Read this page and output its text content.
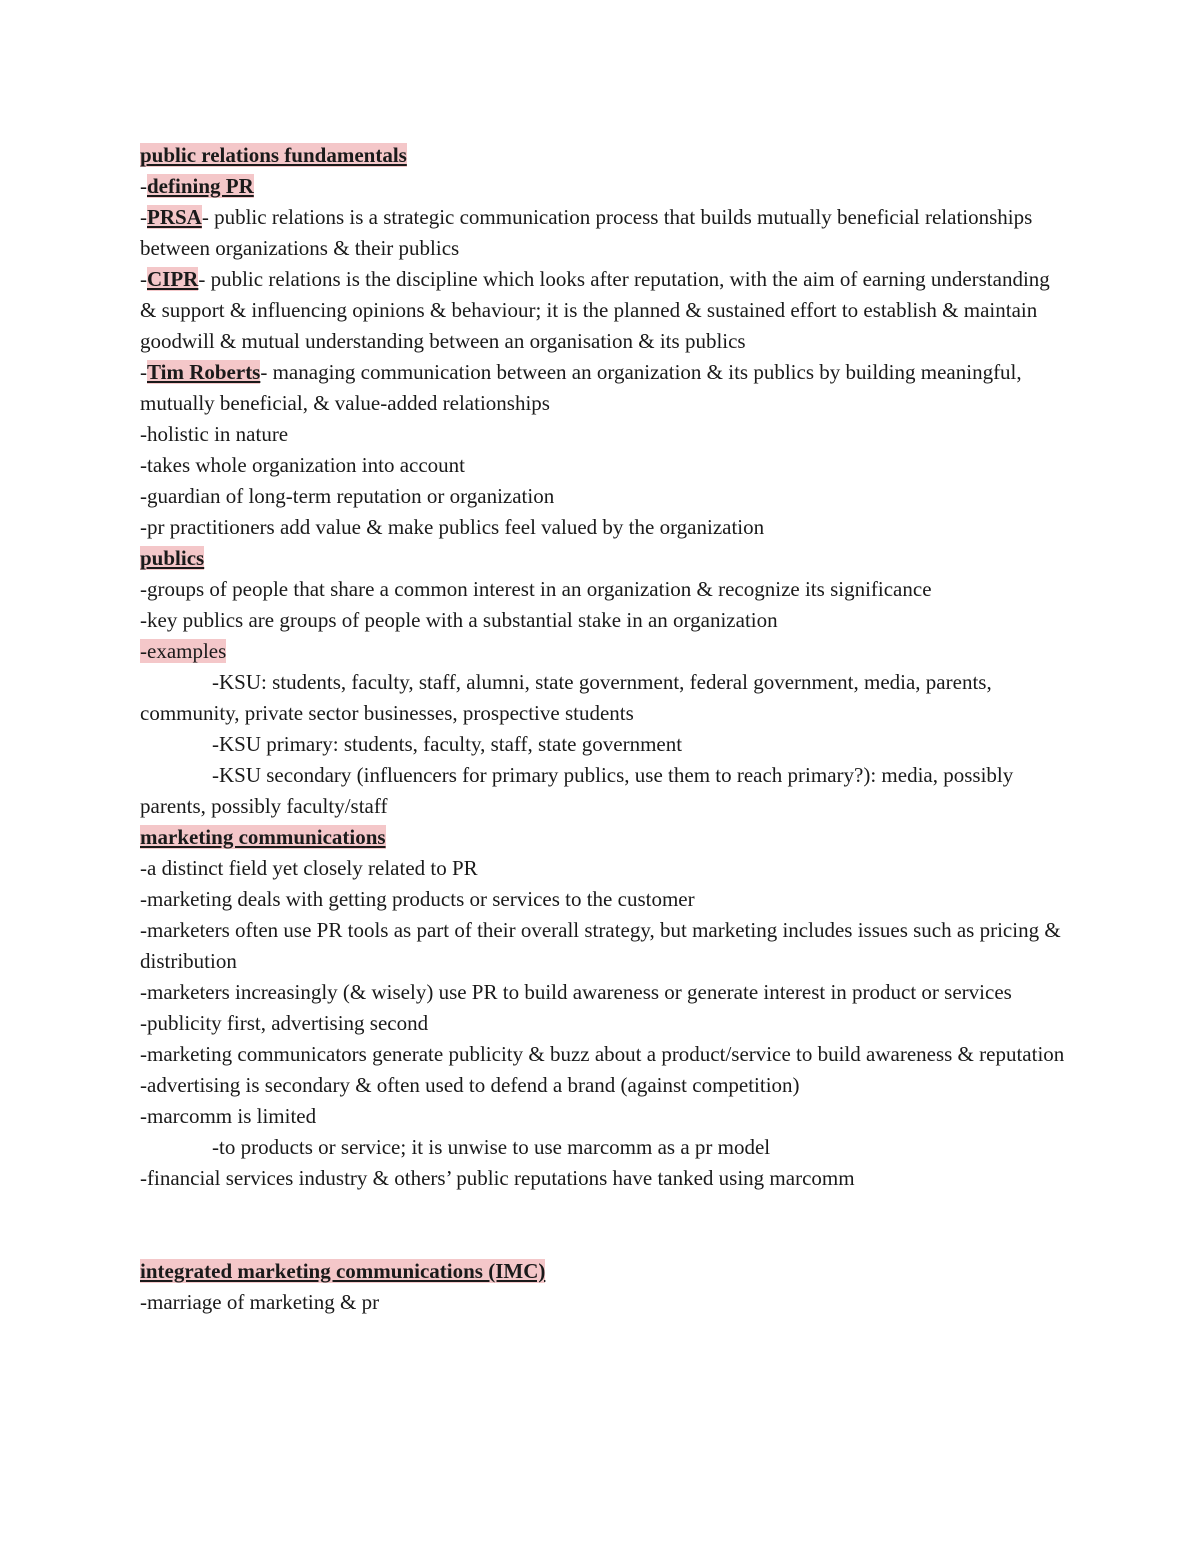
public relations fundamentals

-defining PR

-PRSA- public relations is a strategic communication process that builds mutually beneficial relationships between organizations & their publics

-CIPR- public relations is the discipline which looks after reputation, with the aim of earning understanding & support & influencing opinions & behaviour; it is the planned & sustained effort to establish & maintain goodwill & mutual understanding between an organisation & its publics

-Tim Roberts- managing communication between an organization & its publics by building meaningful, mutually beneficial, & value-added relationships

-holistic in nature

-takes whole organization into account

-guardian of long-term reputation or organization

-pr practitioners add value & make publics feel valued by the organization

publics

-groups of people that share a common interest in an organization & recognize its significance

-key publics are groups of people with a substantial stake in an organization

-examples

-KSU: students, faculty, staff, alumni, state government, federal government, media, parents, community, private sector businesses, prospective students

-KSU primary: students, faculty, staff, state government

-KSU secondary (influencers for primary publics, use them to reach primary?): media, possibly parents, possibly faculty/staff

marketing communications

-a distinct field yet closely related to PR

-marketing deals with getting products or services to the customer

-marketers often use PR tools as part of their overall strategy, but marketing includes issues such as pricing & distribution

-marketers increasingly (& wisely) use PR to build awareness or generate interest in product or services

-publicity first, advertising second

-marketing communicators generate publicity & buzz about a product/service to build awareness & reputation

-advertising is secondary & often used to defend a brand (against competition)

-marcomm is limited

-to products or service; it is unwise to use marcomm as a pr model

-financial services industry & others’ public reputations have tanked using marcomm

integrated marketing communications (IMC)

-marriage of marketing & pr
